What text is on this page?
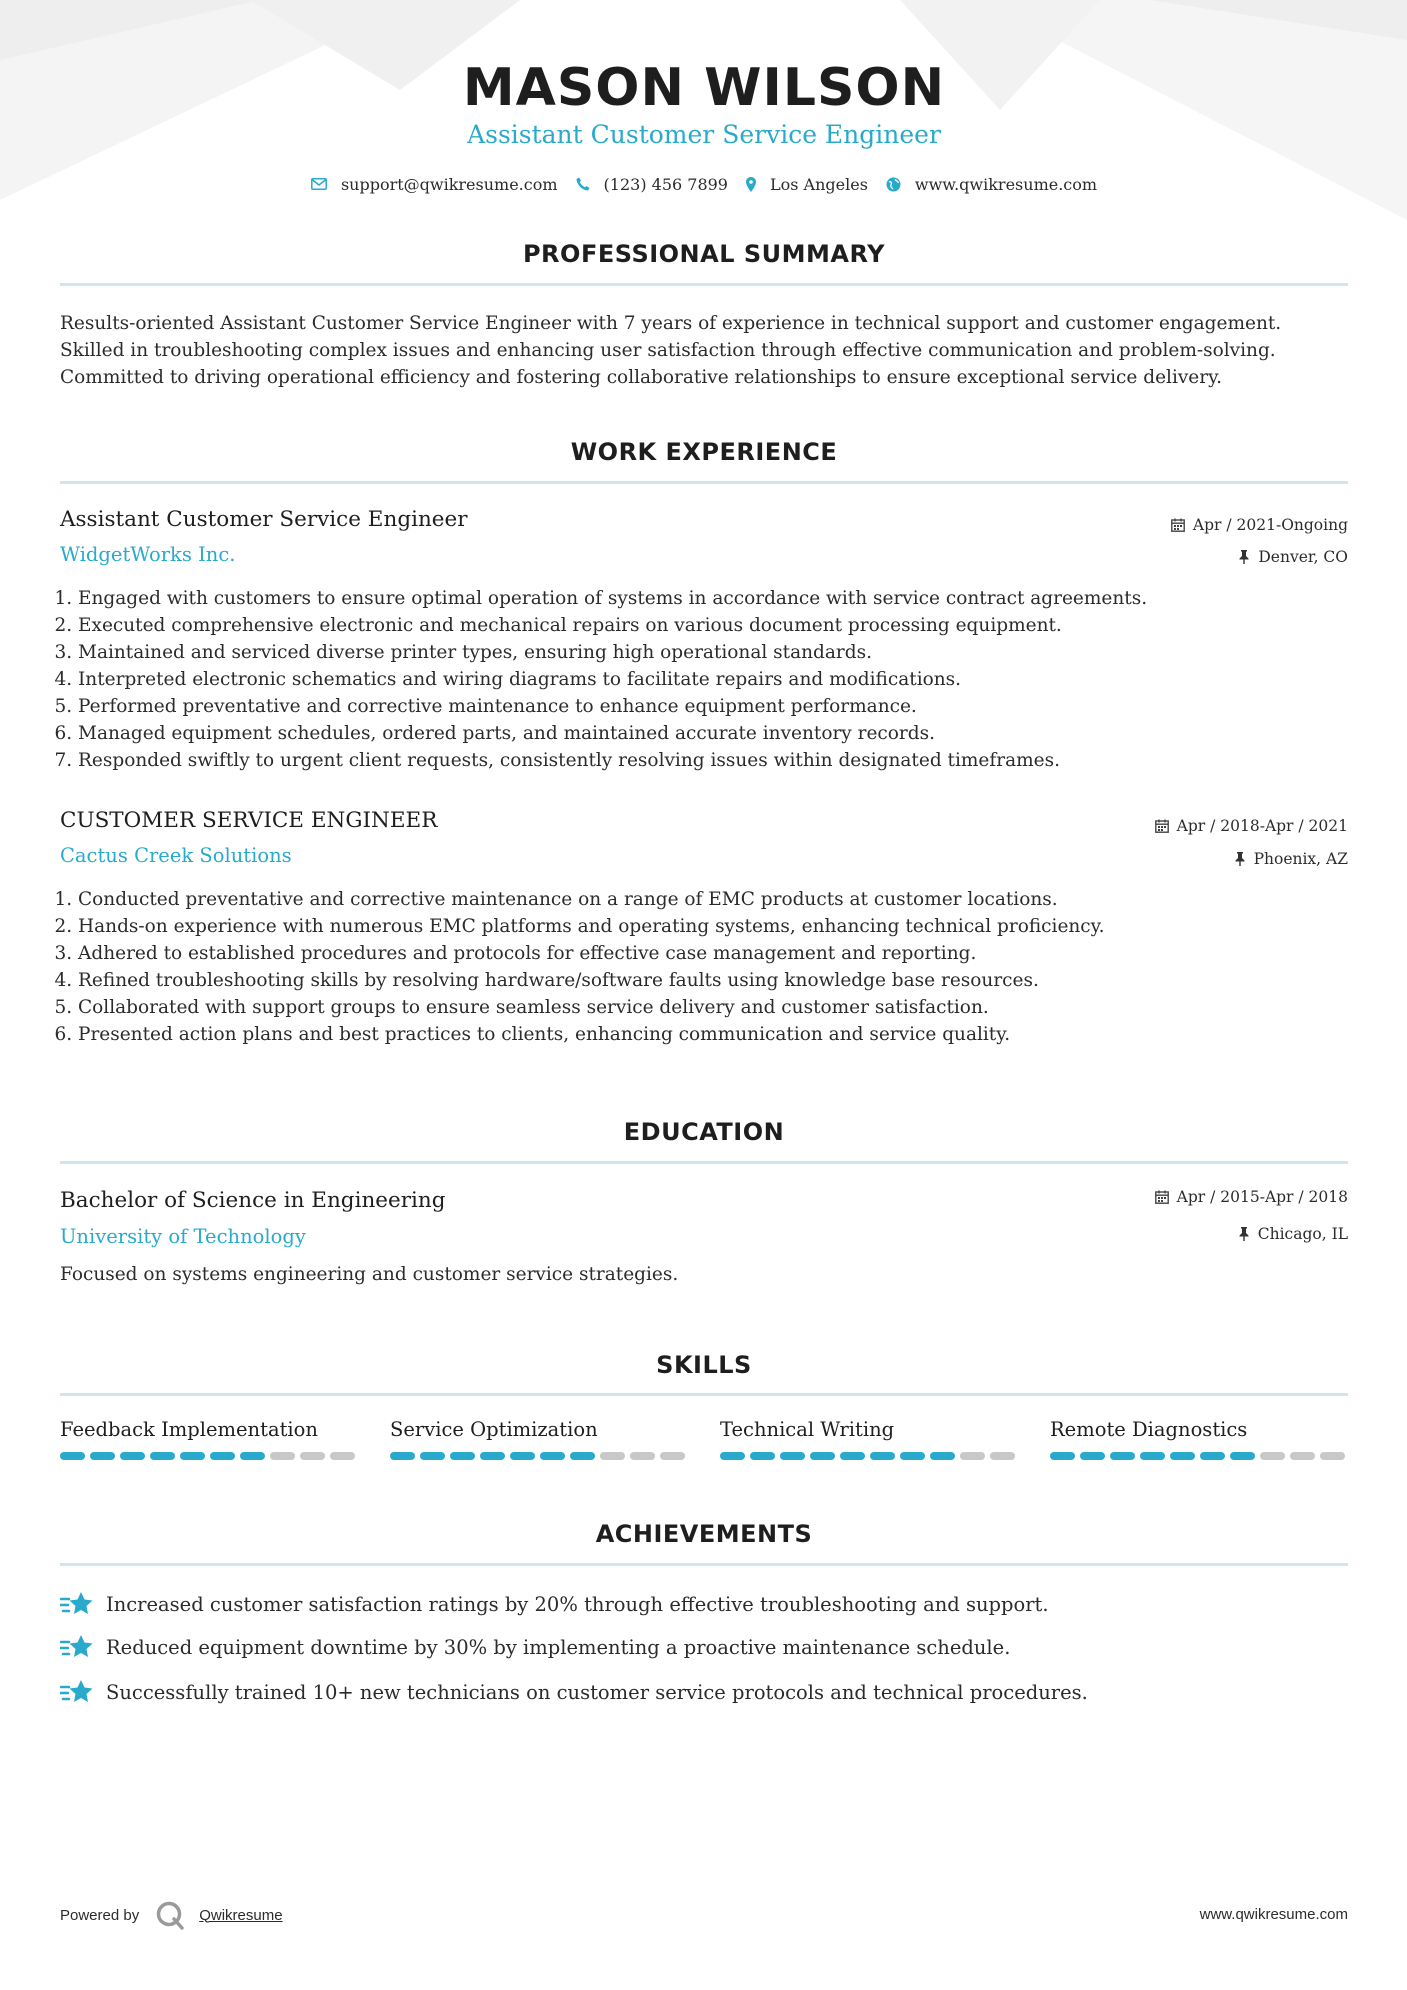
MASON WILSON
Assistant Customer Service Engineer
support@qwikresume.com	(123) 456 7899	Los Angeles	www.qwikresume.com
PROFESSIONAL SUMMARY
Results-oriented Assistant Customer Service Engineer with 7 years of experience in technical support and customer engagement. Skilled in troubleshooting complex issues and enhancing user satisfaction through effective communication and problem-solving. Committed to driving operational efficiency and fostering collaborative relationships to ensure exceptional service delivery.
WORK EXPERIENCE
Assistant Customer Service Engineer
WidgetWorks Inc.
Apr / 2021-Ongoing
Denver, CO
1. Engaged with customers to ensure optimal operation of systems in accordance with service contract agreements.
2. Executed comprehensive electronic and mechanical repairs on various document processing equipment.
3. Maintained and serviced diverse printer types, ensuring high operational standards.
4. Interpreted electronic schematics and wiring diagrams to facilitate repairs and modifications.
5. Performed preventative and corrective maintenance to enhance equipment performance.
6. Managed equipment schedules, ordered parts, and maintained accurate inventory records.
7. Responded swiftly to urgent client requests, consistently resolving issues within designated timeframes.
CUSTOMER SERVICE ENGINEER
Cactus Creek Solutions
Apr / 2018-Apr / 2021
Phoenix, AZ
1. Conducted preventative and corrective maintenance on a range of EMC products at customer locations.
2. Hands-on experience with numerous EMC platforms and operating systems, enhancing technical proficiency.
3. Adhered to established procedures and protocols for effective case management and reporting.
4. Refined troubleshooting skills by resolving hardware/software faults using knowledge base resources.
5. Collaborated with support groups to ensure seamless service delivery and customer satisfaction.
6. Presented action plans and best practices to clients, enhancing communication and service quality.
EDUCATION
Bachelor of Science in Engineering
University of Technology
Apr / 2015-Apr / 2018
Chicago, IL
Focused on systems engineering and customer service strategies.
SKILLS
Feedback Implementation	Service Optimization	Technical Writing	Remote Diagnostics
ACHIEVEMENTS
Increased customer satisfaction ratings by 20% through effective troubleshooting and support.
Reduced equipment downtime by 30% by implementing a proactive maintenance schedule.
Successfully trained 10+ new technicians on customer service protocols and technical procedures.
Powered by	Qwikresume	www.qwikresume.com
